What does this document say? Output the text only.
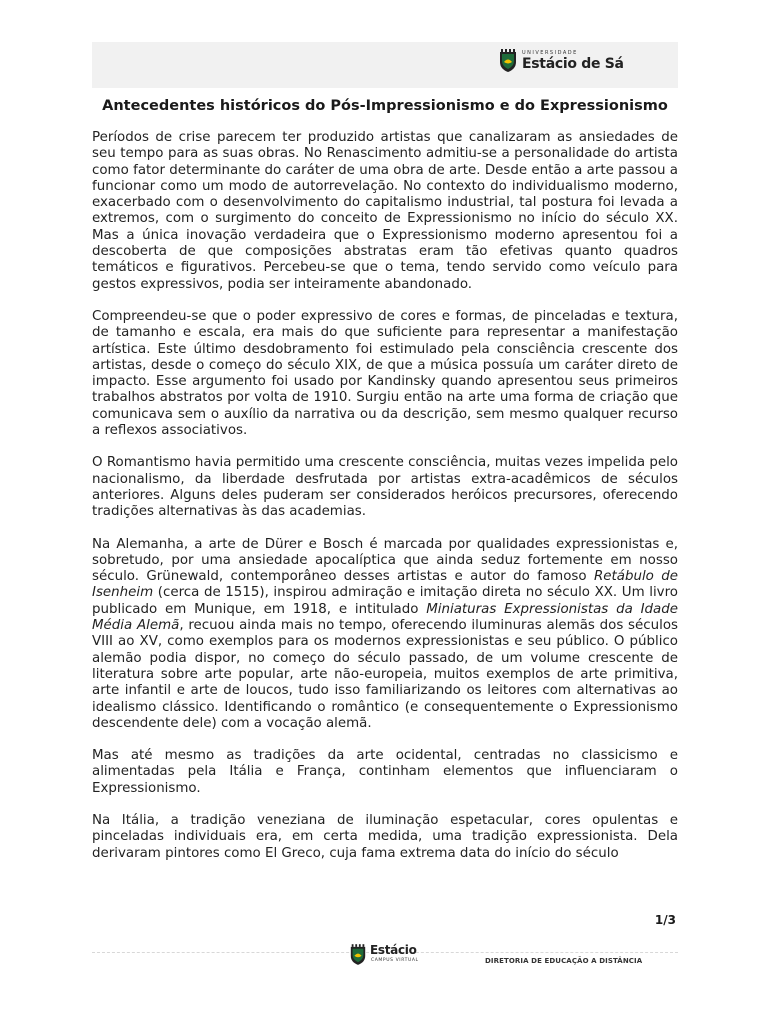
UNIVERSIDADE
Estácio de Sá
Antecedentes históricos do Pós-Impressionismo e do Expressionismo

Períodos de crise parecem ter produzido artistas que canalizaram as ansiedades de seu tempo para as suas obras. No Renascimento admitiu-se a personalidade do artista como fator determinante do caráter de uma obra de arte. Desde então a arte passou a funcionar como um modo de autorrevelação. No contexto do individualismo moderno, exacerbado com o desenvolvimento do capitalismo industrial, tal postura foi levada a extremos, com o surgimento do conceito de Expressionismo no início do século XX. Mas a única inovação verdadeira que o Expressionismo moderno apresentou foi a descoberta de que composições abstratas eram tão efetivas quanto quadros temáticos e figurativos. Percebeu-se que o tema, tendo servido como veículo para gestos expressivos, podia ser inteiramente abandonado.

Compreendeu-se que o poder expressivo de cores e formas, de pinceladas e textura, de tamanho e escala, era mais do que suficiente para representar a manifestação artística. Este último desdobramento foi estimulado pela consciência crescente dos artistas, desde o começo do século XIX, de que a música possuía um caráter direto de impacto. Esse argumento foi usado por Kandinsky quando apresentou seus primeiros trabalhos abstratos por volta de 1910. Surgiu então na arte uma forma de criação que comunicava sem o auxílio da narrativa ou da descrição, sem mesmo qualquer recurso a reflexos associativos.

O Romantismo havia permitido uma crescente consciência, muitas vezes impelida pelo nacionalismo, da liberdade desfrutada por artistas extra-acadêmicos de séculos anteriores. Alguns deles puderam ser considerados heróicos precursores, oferecendo tradições alternativas às das academias.

Na Alemanha, a arte de Dürer e Bosch é marcada por qualidades expressionistas e, sobretudo, por uma ansiedade apocalíptica que ainda seduz fortemente em nosso século. Grünewald, contemporâneo desses artistas e autor do famoso Retábulo de Isenheim (cerca de 1515), inspirou admiração e imitação direta no século XX. Um livro publicado em Munique, em 1918, e intitulado Miniaturas Expressionistas da Idade Média Alemã, recuou ainda mais no tempo, oferecendo iluminuras alemãs dos séculos VIII ao XV, como exemplos para os modernos expressionistas e seu público. O público alemão podia dispor, no começo do século passado, de um volume crescente de literatura sobre arte popular, arte não-europeia, muitos exemplos de arte primitiva, arte infantil e arte de loucos, tudo isso familiarizando os leitores com alternativas ao idealismo clássico. Identificando o romântico (e consequentemente o Expressionismo descendente dele) com a vocação alemã.

Mas até mesmo as tradições da arte ocidental, centradas no classicismo e alimentadas pela Itália e França, continham elementos que influenciaram o Expressionismo.

Na Itália, a tradição veneziana de iluminação espetacular, cores opulentas e pinceladas individuais era, em certa medida, uma tradição expressionista. Dela derivaram pintores como El Greco, cuja fama extrema data do início do século

1/3
Estácio
CAMPUS VIRTUAL	DIRETORIA DE EDUCAÇÃO A DISTÂNCIA
